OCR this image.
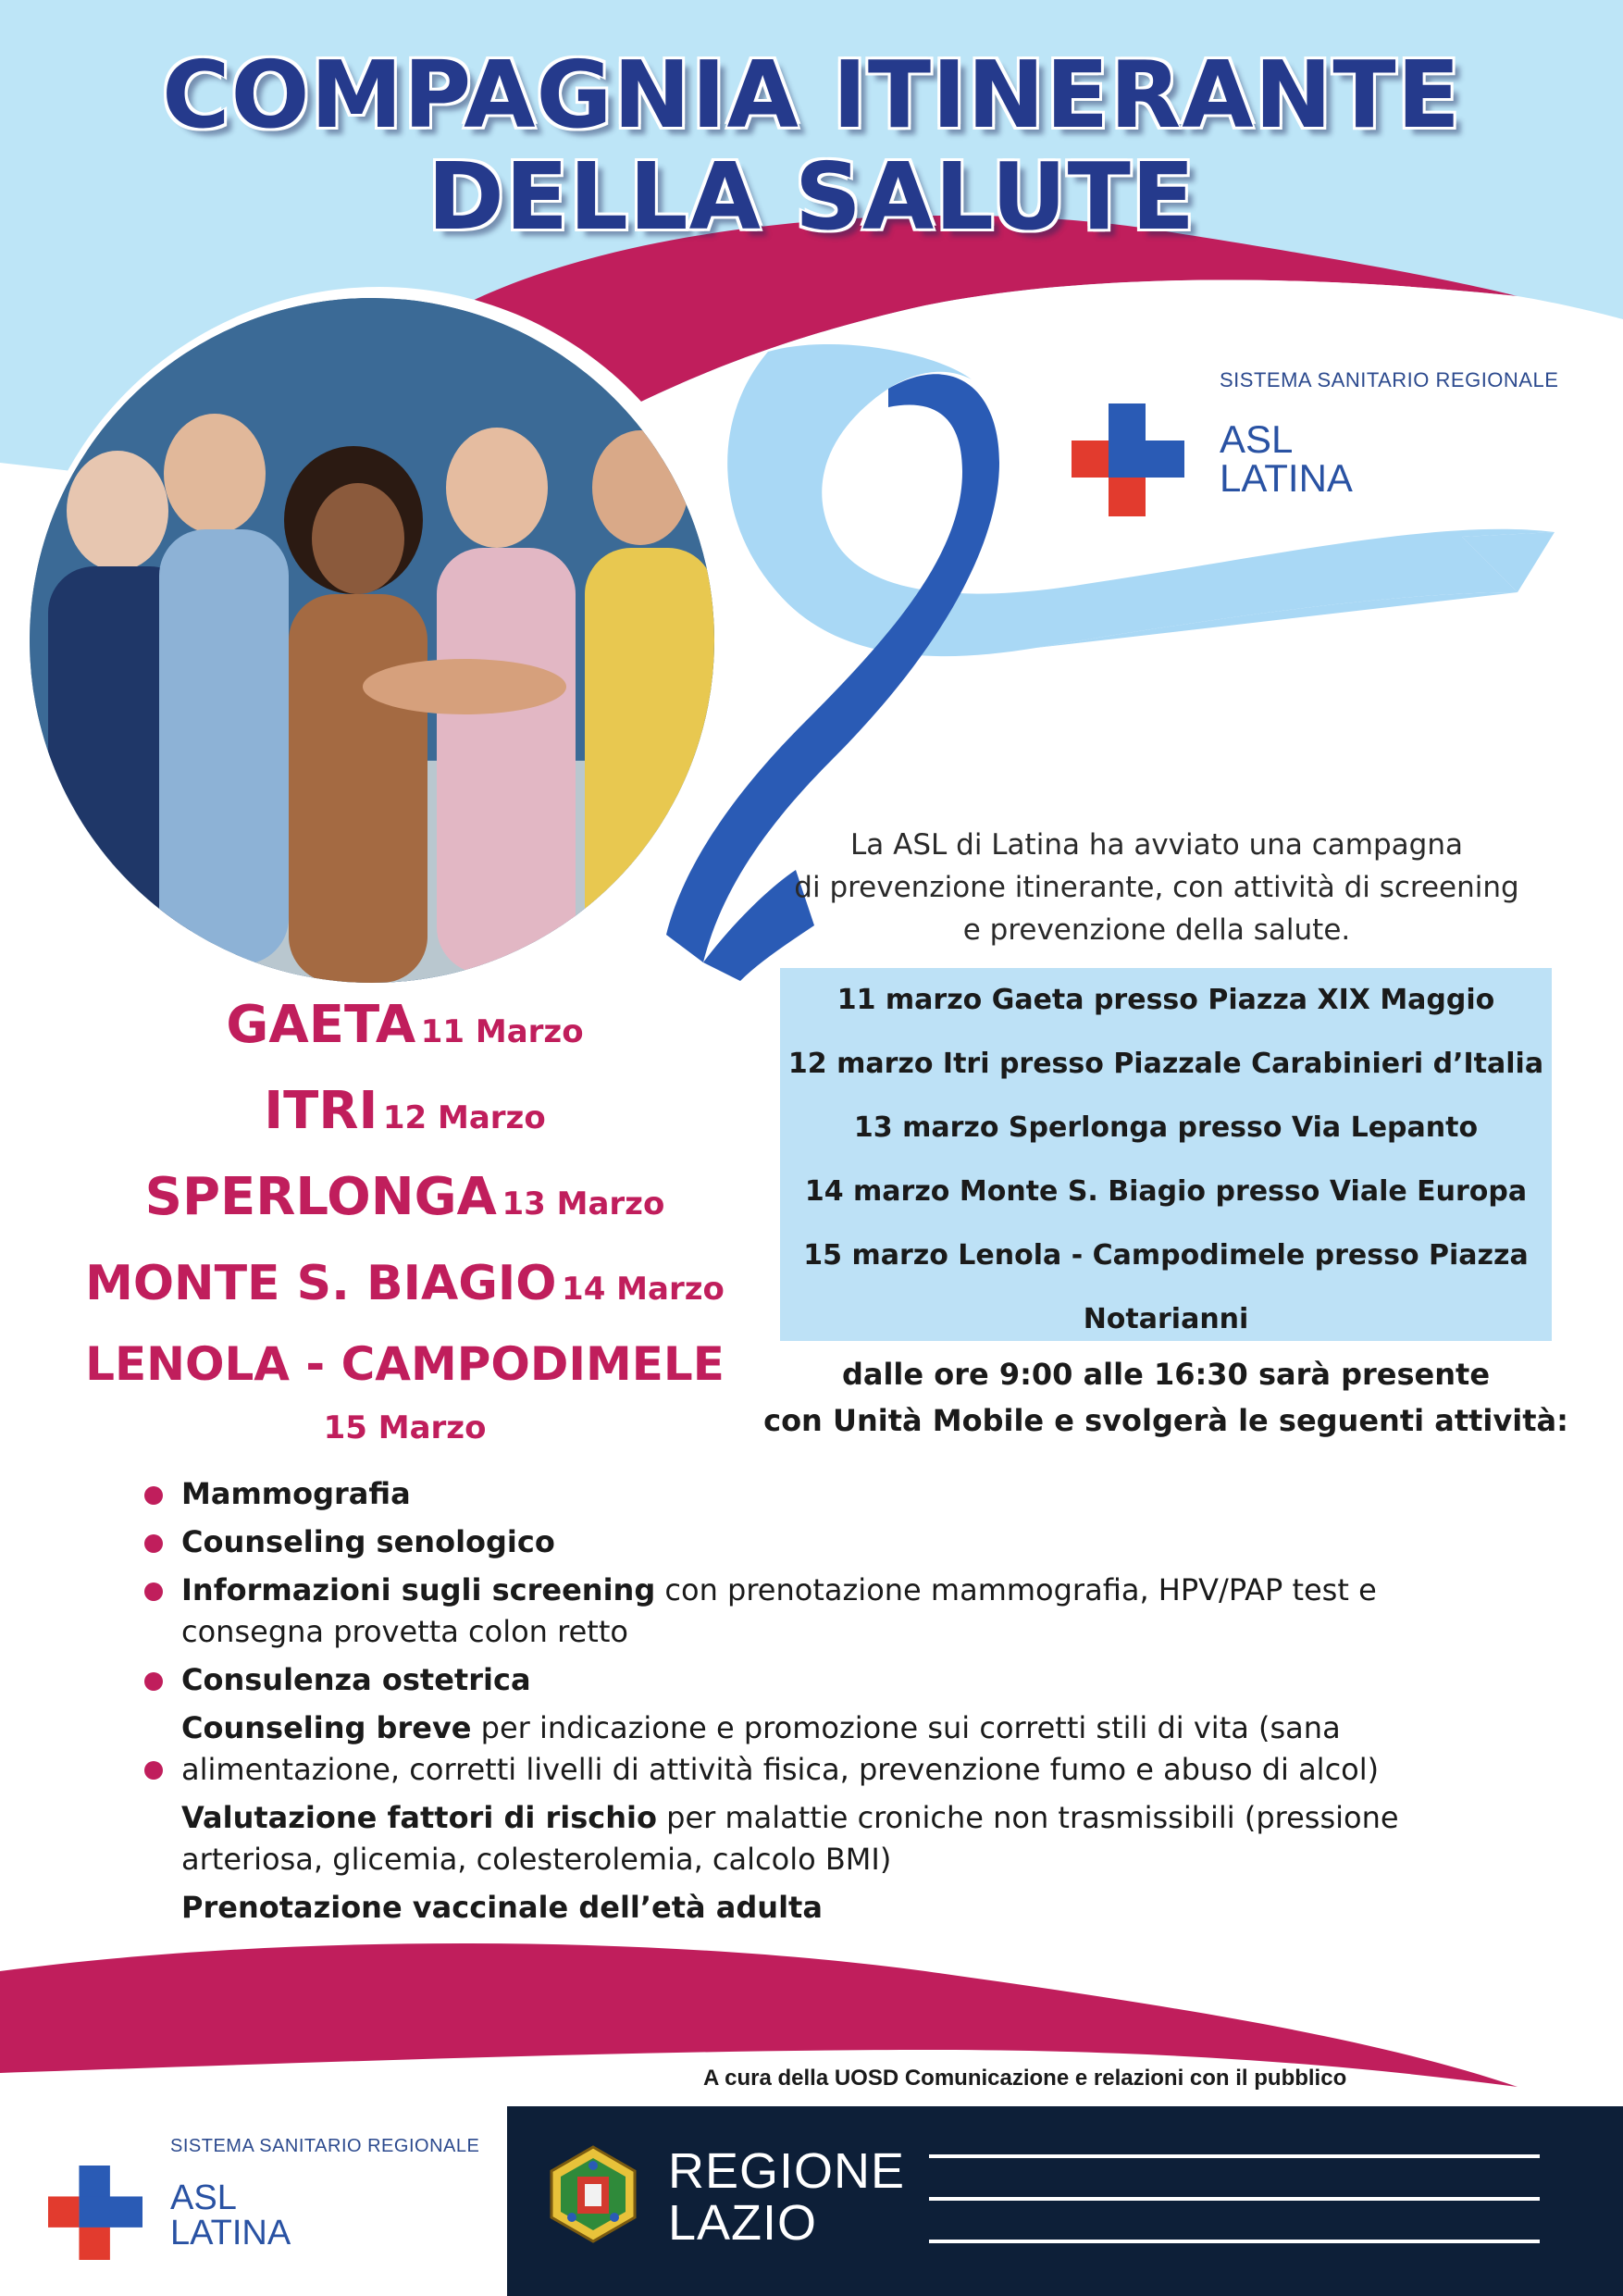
COMPAGNIA ITINERANTE
DELLA SALUTE
SISTEMA SANITARIO REGIONALE
ASL
LATINA
La ASL di Latina ha avviato una campagna
di prevenzione itinerante, con attività di screening
e prevenzione della salute.
11 marzo Gaeta presso Piazza XIX Maggio
12 marzo Itri presso Piazzale Carabinieri d’Italia
13 marzo Sperlonga presso Via Lepanto
14 marzo Monte S. Biagio presso Viale Europa
15 marzo Lenola - Campodimele presso Piazza
Notarianni
GAETA 11 Marzo
ITRI 12 Marzo
SPERLONGA 13 Marzo
MONTE S. BIAGIO 14 Marzo
LENOLA - CAMPODIMELE
15 Marzo
dalle ore 9:00 alle 16:30 sarà presente
con Unità Mobile e svolgerà le seguenti attività:
Mammografia
Counseling senologico
Informazioni sugli screening con prenotazione mammografia, HPV/PAP test e consegna provetta colon retto
Consulenza ostetrica
Counseling breve per indicazione e promozione sui corretti stili di vita (sana alimentazione, corretti livelli di attività fisica, prevenzione fumo e abuso di alcol)
Valutazione fattori di rischio per malattie croniche non trasmissibili (pressione arteriosa, glicemia, colesterolemia, calcolo BMI)
Prenotazione vaccinale dell’età adulta
A cura della UOSD Comunicazione e relazioni con il pubblico
SISTEMA SANITARIO REGIONALE
ASL
LATINA
REGIONE
LAZIO
